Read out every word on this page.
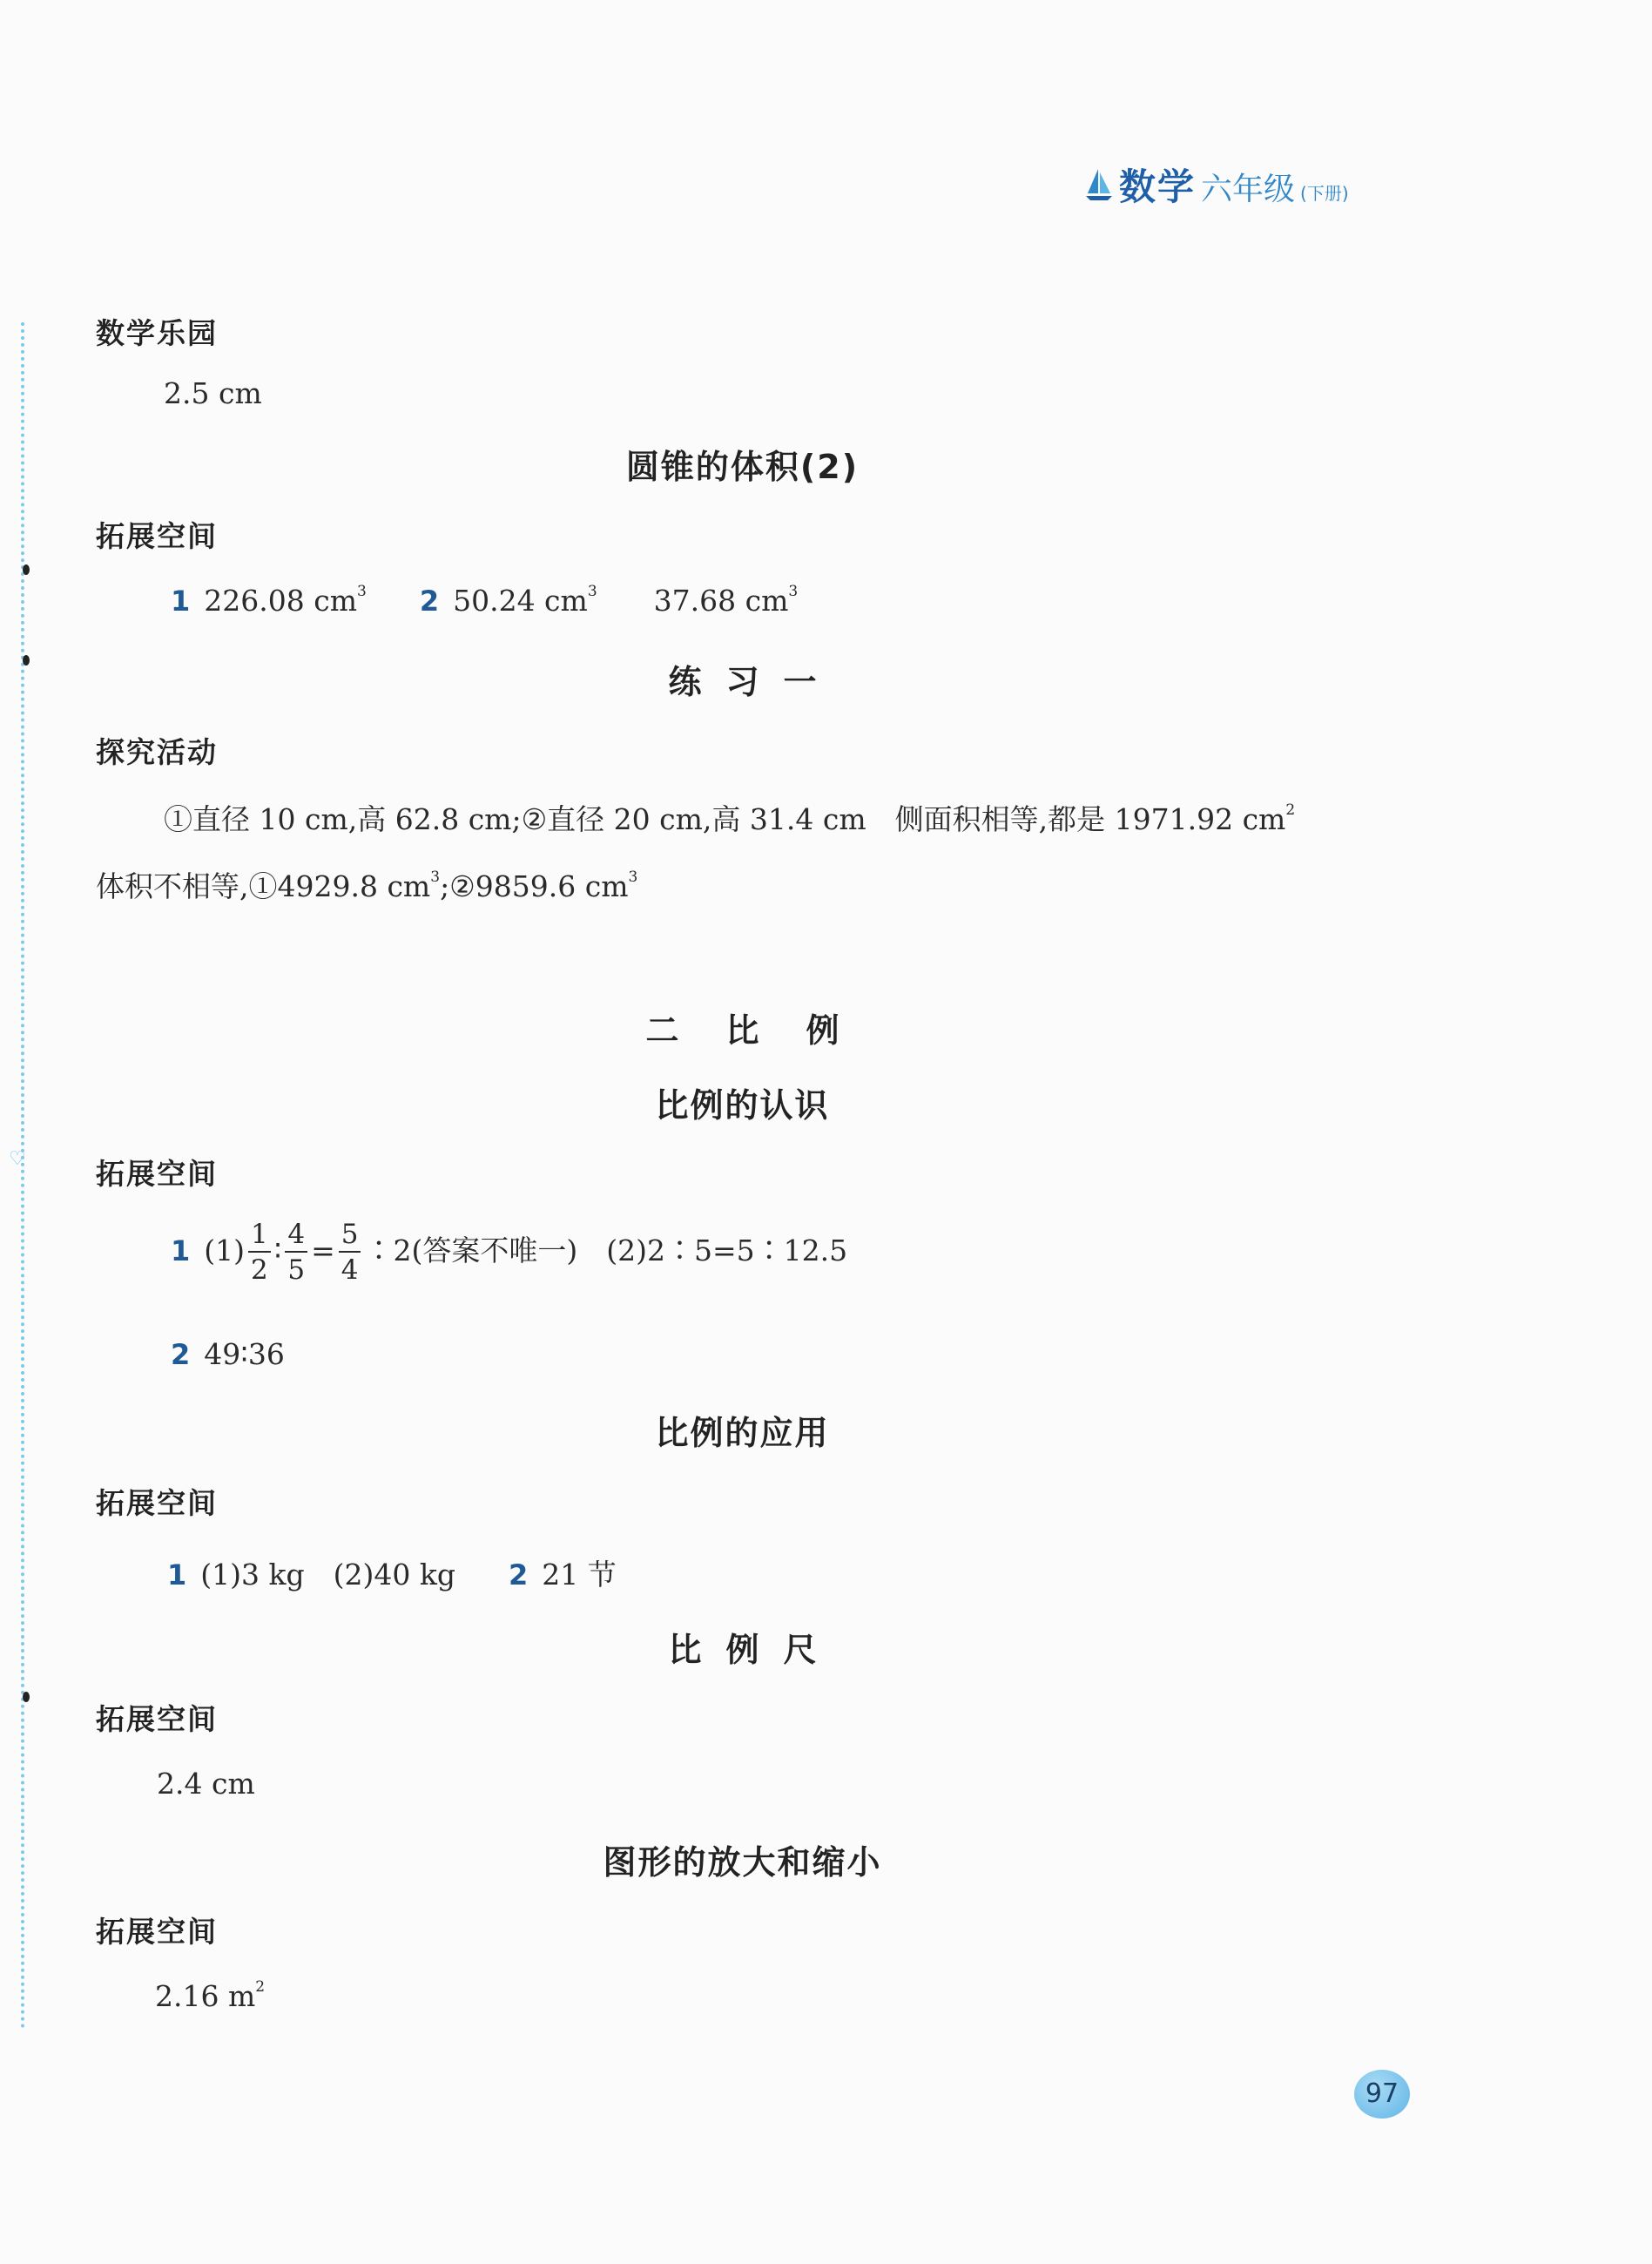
♡
数学 六年级 (下册)
数学乐园
2.5 cm
圆锥的体积(2)
拓展空间
1 226.08 $cm^3$ 2 50.24 $cm^3$ 37.68 $cm^3$
练习一
探究活动
①直径 10 cm,高 62.8 cm;②直径 20 cm,高 31.4 cm　侧面积相等,都是 1971.92 $cm^2$
体积不相等,①4929.8 $cm^3;②9859.6$ $cm^3$
二比例
比例的认识
拓展空间
1 $(1) \frac{1}{2}$ ∶ $\frac{4}{5} = \frac{5}{4}$ ∶2(答案不唯一)　(2)2∶5=5∶12.5
2 49∶36
比例的应用
拓展空间
1 (1)3 kg　(2)40 kg 2 21 节
比例尺
拓展空间
2.4 cm
图形的放大和缩小
拓展空间
2.16 $m^2$
97
